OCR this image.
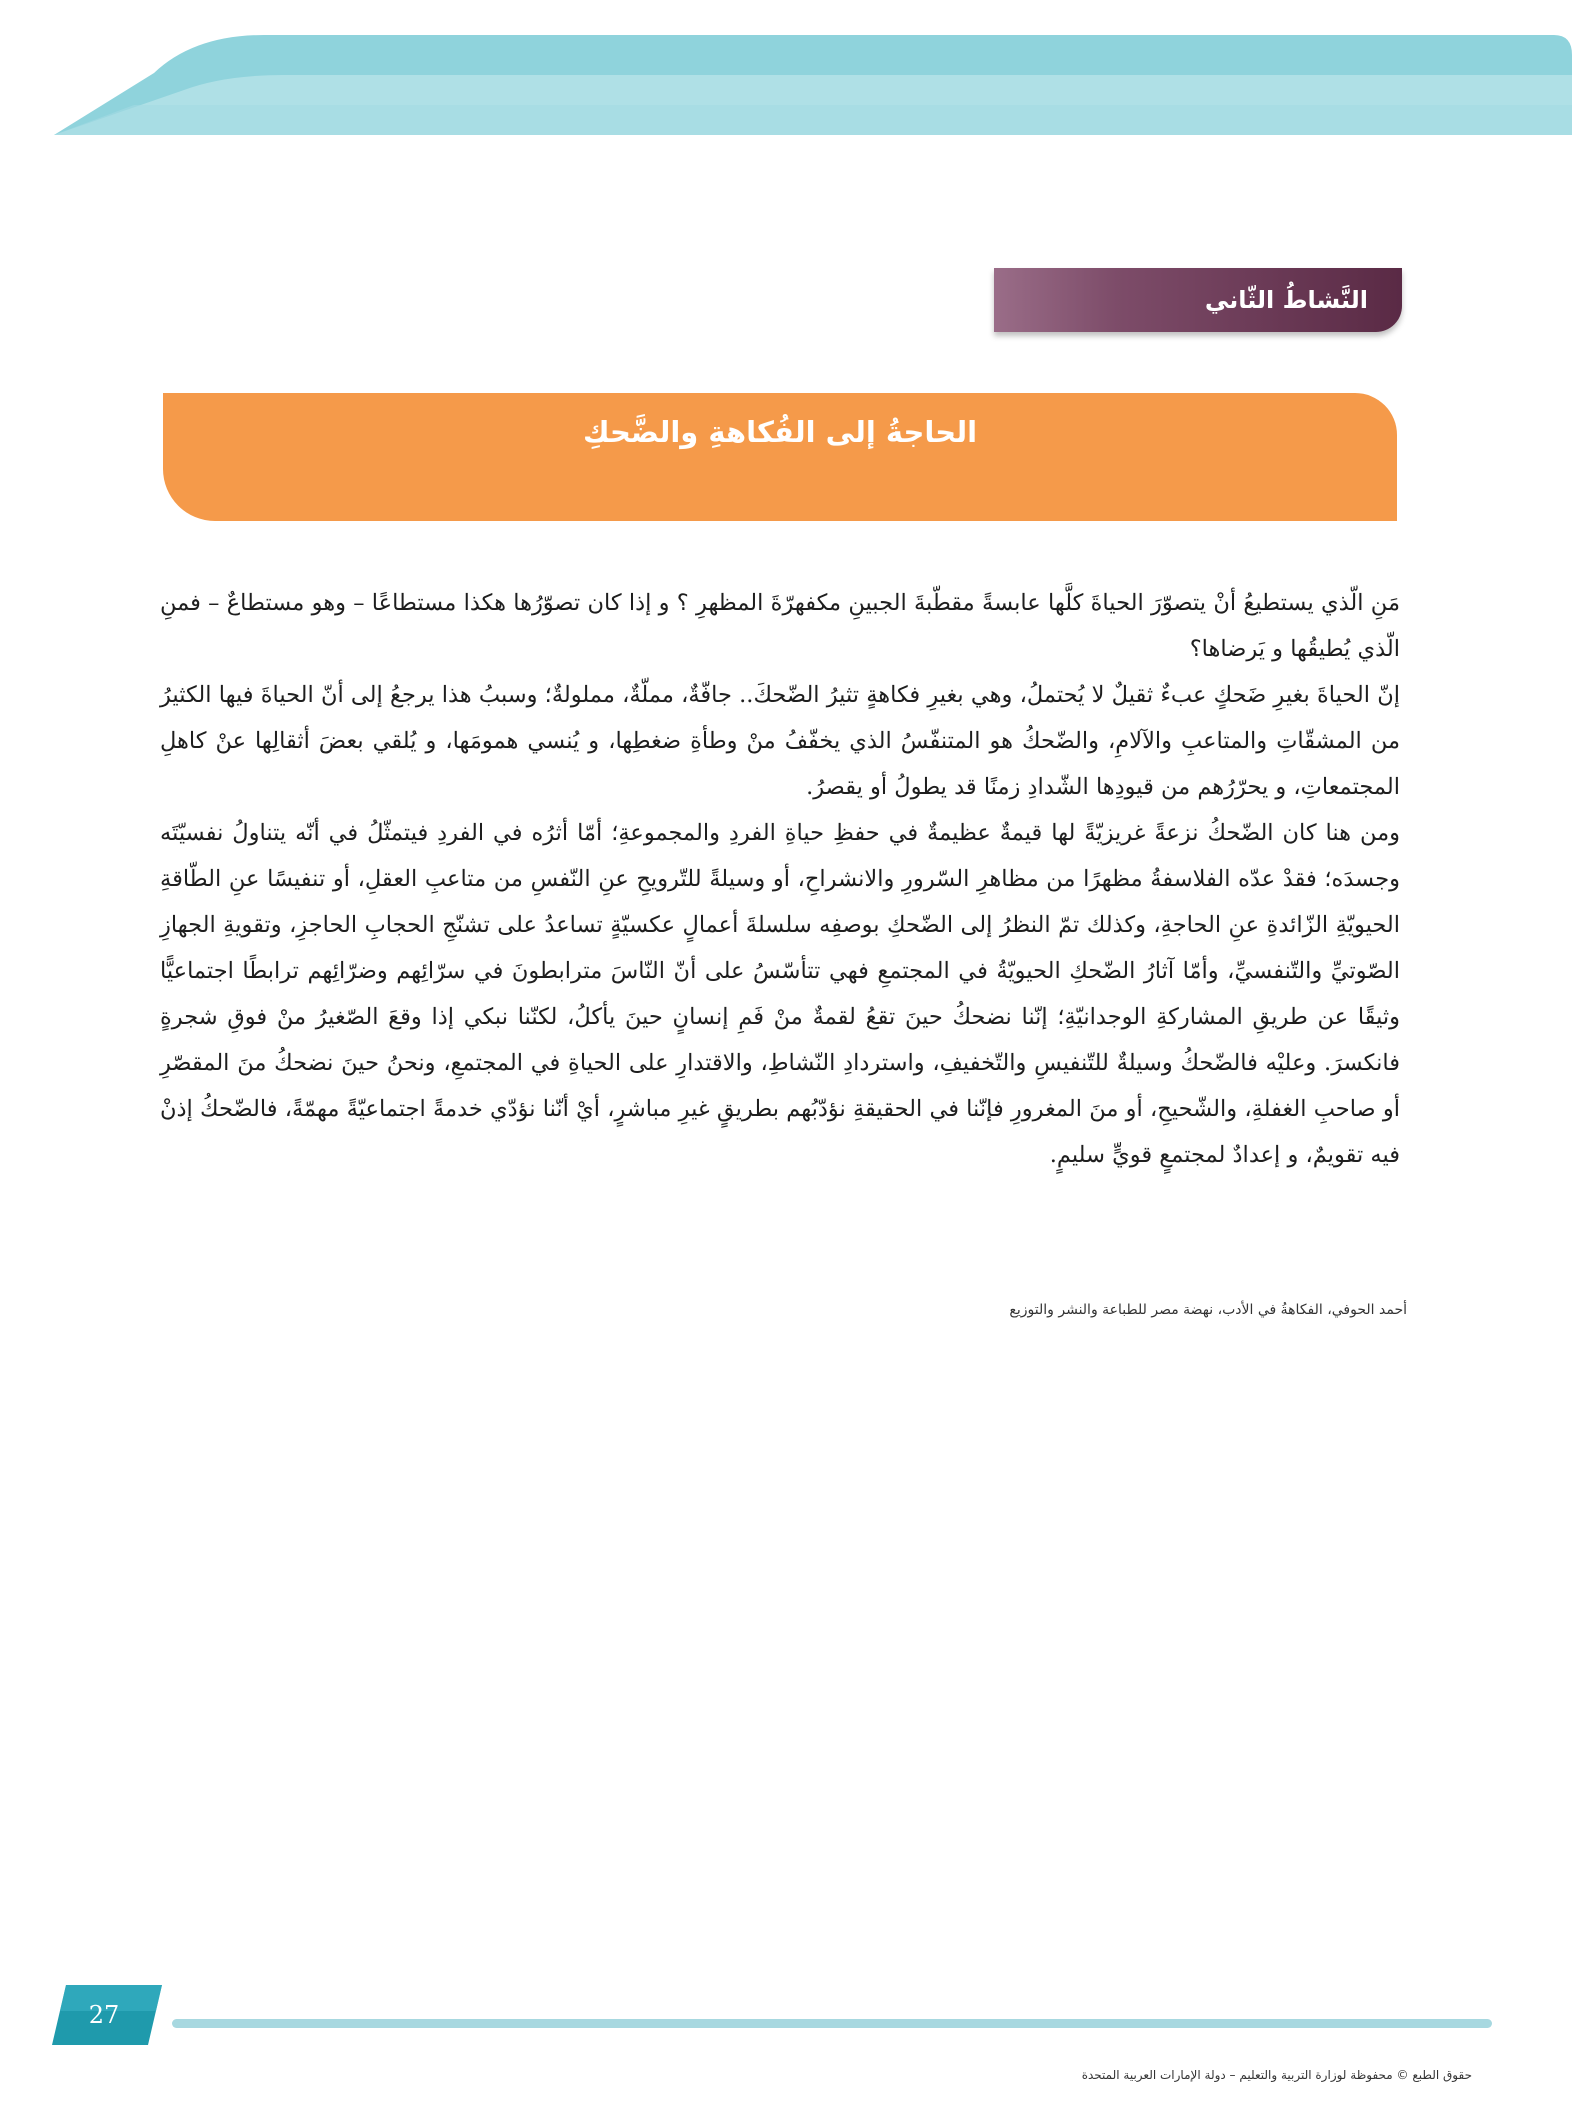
النَّشاطُ الثّاني
الحاجةُ إلى الفُكاهةِ والضَّحكِ

مَنِ الّذي يستطيعُ أنْ يتصوّرَ الحياةَ كلَّها عابسةً مقطّبةَ الجبينِ مكفهرّةَ المظهرِ ؟ و إذا كان تصوّرُها هكذا مستطاعًا – وهو مستطاعٌ – فمنِ الّذي يُطيقُها و يَرضاها؟

إنّ الحياةَ بغيرِ ضَحكٍ عبءٌ ثقيلٌ لا يُحتملُ، وهي بغيرِ فكاهةٍ تثيرُ الضّحكَ.. جافّةٌ، مملّةٌ، مملولةٌ؛ وسببُ هذا يرجعُ إلى أنّ الحياةَ فيها الكثيرُ من المشقّاتِ والمتاعبِ والآلامِ، والضّحكُ هو المتنفّسُ الذي يخفّفُ منْ وطأةِ ضغطِها، و يُنسي همومَها، و يُلقي بعضَ أثقالِها عنْ كاهلِ المجتمعاتِ، و يحرّرُهم من قيودِها الشّدادِ زمنًا قد يطولُ أو يقصرُ.

ومن هنا كان الضّحكُ نزعةً غريزيّةً لها قيمةٌ عظيمةٌ في حفظِ حياةِ الفردِ والمجموعةِ؛ أمّا أثرُه في الفردِ فيتمثّلُ في أنّه يتناولُ نفسيّتَه وجسدَه؛ فقدْ عدّه الفلاسفةُ مظهرًا من مظاهرِ السّرورِ والانشراحِ، أو وسيلةً للتّرويحِ عنِ النّفسِ من متاعبِ العقلِ، أو تنفيسًا عنِ الطّاقةِ الحيويّةِ الزّائدةِ عنِ الحاجةِ، وكذلك تمّ النظرُ إلى الضّحكِ بوصفِه سلسلةَ أعمالٍ عكسيّةٍ تساعدُ على تشنّجِ الحجابِ الحاجزِ، وتقويةِ الجهازِ الصّوتيِّ والتّنفسيِّ، وأمّا آثارُ الضّحكِ الحيويّةُ في المجتمعِ فهي تتأسّسُ على أنّ النّاسَ مترابطونَ في سرّائِهم وضرّائِهم ترابطًا اجتماعيًّا وثيقًا عن طريقِ المشاركةِ الوجدانيّةِ؛ إنّنا نضحكُ حينَ تقعُ لقمةٌ منْ فَمِ إنسانٍ حينَ يأكلُ، لكنّنا نبكي إذا وقعَ الصّغيرُ منْ فوقِ شجرةٍ فانكسرَ. وعليْه فالضّحكُ وسيلةٌ للتّنفيسِ والتّخفيفِ، واستردادِ النّشاطِ، والاقتدارِ على الحياةِ في المجتمعِ، ونحنُ حينَ نضحكُ منَ المقصّرِ أو صاحبِ الغفلةِ، والشّحيحِ، أو منَ المغرورِ فإنّنا في الحقيقةِ نؤدّبُهم بطريقٍ غيرِ مباشرٍ، أيْ أنّنا نؤدّي خدمةً اجتماعيّةً مهمّةً، فالضّحكُ إذنْ فيه تقويمٌ، و إعدادٌ لمجتمعٍ قويٍّ سليمٍ.

أحمد الحوفي، الفكاهةُ في الأدب، نهضة مصر للطباعة والنشر والتوزيع
27
حقوق الطبع © محفوظة لوزارة التربية والتعليم – دولة الإمارات العربية المتحدة
